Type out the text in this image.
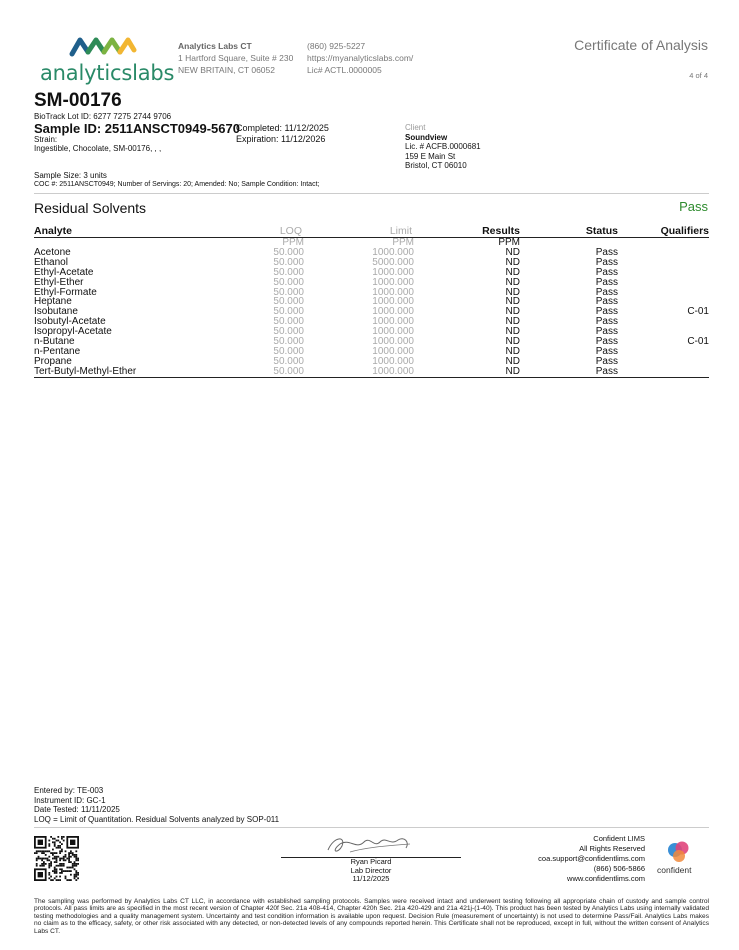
analyticslabs
Analytics Labs CT
1 Hartford Square, Suite # 230
NEW BRITAIN, CT 06052
(860) 925-5227
https://myanalyticslabs.com/
Lic# ACTL.0000005
Certificate of Analysis
4 of 4
SM-00176
BioTrack Lot ID: 6277 7275 2744 9706
Sample ID: 2511ANSCT0949-5670
Strain:
Ingestible, Chocolate, SM-00176, , ,
Completed: 11/12/2025
Expiration: 11/12/2026
Client
Soundview
Lic. # ACFB.0000681
159 E Main St
Bristol, CT 06010
Sample Size: 3 units
COC #: 2511ANSCT0949; Number of Servings: 20; Amended: No; Sample Condition: Intact;
Residual Solvents	Pass
Analyte	LOQ	Limit	Results	Status	Qualifiers
	PPM	PPM	PPM		
Acetone	50.000	1000.000	ND	Pass	
Ethanol	50.000	5000.000	ND	Pass	
Ethyl-Acetate	50.000	1000.000	ND	Pass	
Ethyl-Ether	50.000	1000.000	ND	Pass	
Ethyl-Formate	50.000	1000.000	ND	Pass	
Heptane	50.000	1000.000	ND	Pass	
Isobutane	50.000	1000.000	ND	Pass	C-01
Isobutyl-Acetate	50.000	1000.000	ND	Pass	
Isopropyl-Acetate	50.000	1000.000	ND	Pass	
n-Butane	50.000	1000.000	ND	Pass	C-01
n-Pentane	50.000	1000.000	ND	Pass	
Propane	50.000	1000.000	ND	Pass	
Tert-Butyl-Methyl-Ether	50.000	1000.000	ND	Pass	
Entered by: TE-003
Instrument ID: GC-1
Date Tested: 11/11/2025
LOQ = Limit of Quantitation. Residual Solvents analyzed by SOP-011
Ryan Picard
Lab Director
11/12/2025
Confident LIMS
All Rights Reserved
coa.support@confidentlims.com
(866) 506-5866
www.confidentlims.com
confident
The sampling was performed by Analytics Labs CT LLC, in accordance with established sampling protocols. Samples were received intact and underwent testing following all appropriate chain of custody and sample control protocols. All pass limits are as specified in the most recent version of Chapter 420f Sec. 21a 408-414, Chapter 420h Sec. 21a 420-429 and 21a 421j-(1-40). This product has been tested by Analytics Labs using internally validated testing methodologies and a quality management system. Uncertainty and test condition information is available upon request. Decision Rule (measurement of uncertainty) is not used to determine Pass/Fail. Analytics Labs makes no claim as to the efficacy, safety, or other risk associated with any detected, or non-detected levels of any compounds reported herein. This Certificate shall not be reproduced, except in full, without the written consent of Analytics Labs CT.
